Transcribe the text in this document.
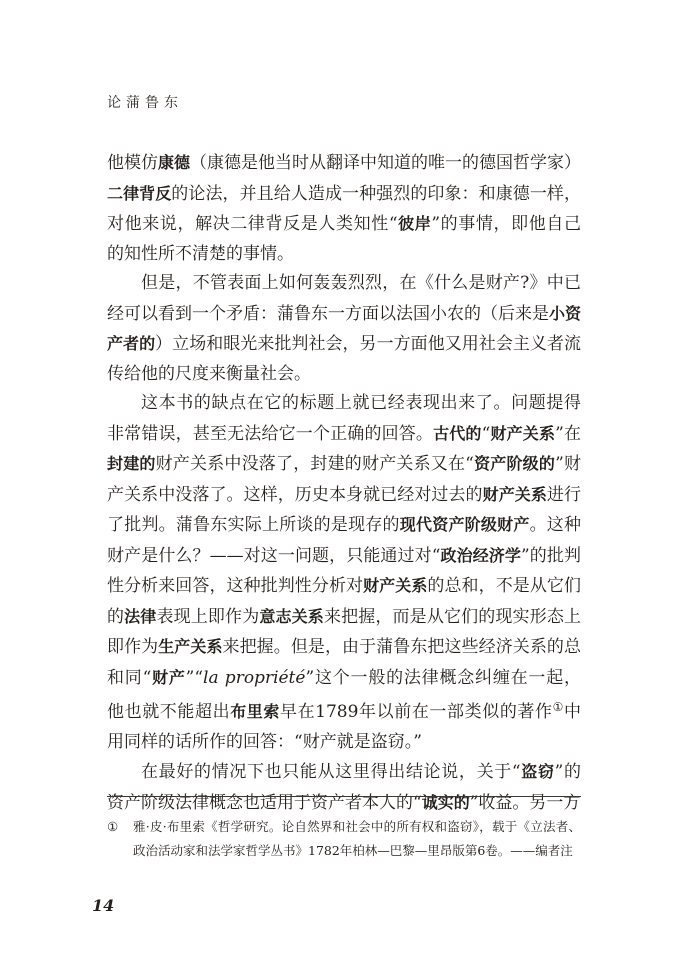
论蒲鲁东

他模仿康德（康德是他当时从翻译中知道的唯一的德国哲学家）二律背反的论法，并且给人造成一种强烈的印象：和康德一样，对他来说，解决二律背反是人类知性“彼岸”的事情，即他自己的知性所不清楚的事情。

但是，不管表面上如何轰轰烈烈，在《什么是财产?》中已经可以看到一个矛盾：蒲鲁东一方面以法国小农的（后来是小资产者的）立场和眼光来批判社会，另一方面他又用社会主义者流传给他的尺度来衡量社会。

这本书的缺点在它的标题上就已经表现出来了。问题提得非常错误，甚至无法给它一个正确的回答。古代的“财产关系”在封建的财产关系中没落了，封建的财产关系又在“资产阶级的”财产关系中没落了。这样，历史本身就已经对过去的财产关系进行了批判。蒲鲁东实际上所谈的是现存的现代资产阶级财产。这种财产是什么？——对这一问题，只能通过对“政治经济学”的批判性分析来回答，这种批判性分析对财产关系的总和，不是从它们的法律表现上即作为意志关系来把握，而是从它们的现实形态上即作为生产关系来把握。但是，由于蒲鲁东把这些经济关系的总和同“财产”“la propriété”这个一般的法律概念纠缠在一起，他也就不能超出布里索早在1789年以前在一部类似的著作①中用同样的话所作的回答：“财产就是盗窃。”

在最好的情况下也只能从这里得出结论说，关于“盗窃”的资产阶级法律概念也适用于资产者本人的“诚实的”收益。另一方

① 雅·皮·布里索《哲学研究。论自然界和社会中的所有权和盗窃》，载于《立法者、政治活动家和法学家哲学丛书》1782年柏林—巴黎—里昂版第6卷。——编者注
14
